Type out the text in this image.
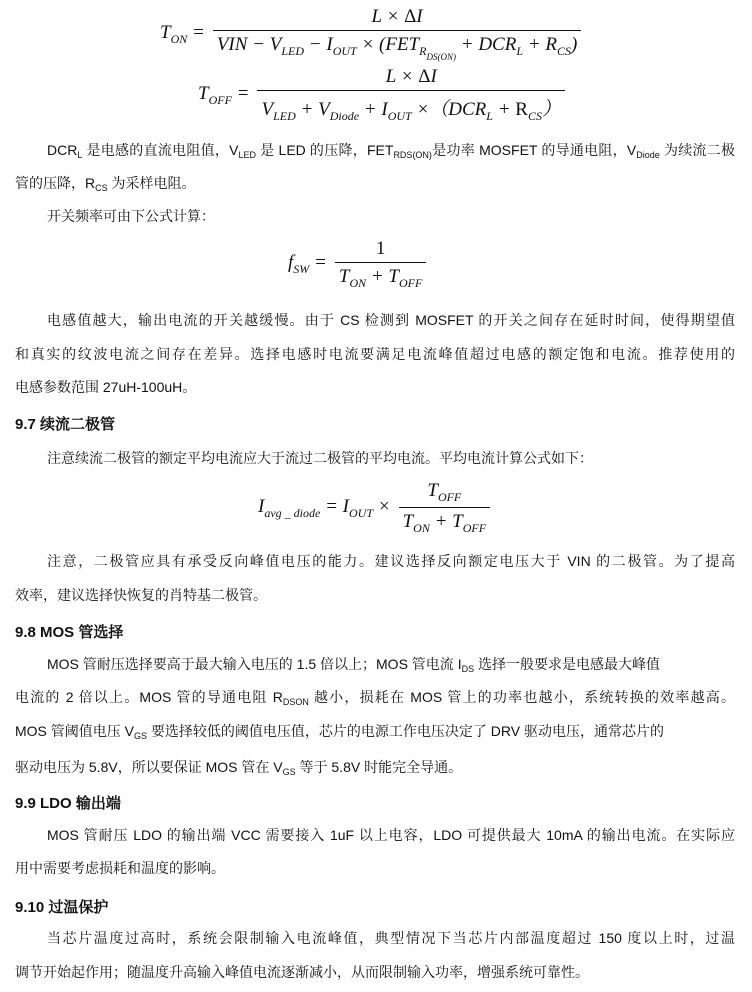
$T_{ON} = \frac{L \times \Delta I}{VIN - V_{LED} - I_{OUT} \times (FET_{R_{DS(ON)}} + DCR_L + R_{CS})}$
$T_{OFF} = \frac{L \times \Delta I}{V_{LED} + V_{Diode} + I_{OUT} \times(DCR_L + R_{CS})}$
$DCR_L$ 是电感的直流电阻值，$V_{LED}$ 是 LED 的压降，$FET_{RDS(ON)}$是功率 MOSFET 的导通电阻，$V_{Diode}$ 为续流二极
管的压降，$R_{CS}$ 为采样电阻。
开关频率可由下公式计算：
$f_{SW} = \frac{1}{T_{ON} + T_{OFF}}$
电感值越大，输出电流的开关越缓慢。由于 CS 检测到 MOSFET 的开关之间存在延时时间，使得期望值
和真实的纹波电流之间存在差异。选择电感时电流要满足电流峰值超过电感的额定饱和电流。推荐使用的
电感参数范围 27uH-100uH。
9.7 续流二极管
注意续流二极管的额定平均电流应大于流过二极管的平均电流。平均电流计算公式如下：
$I_{avg \_ diode} = I_{OUT} \times \frac{T_{OFF}}{T_{ON} + T_{OFF}}$
注意，二极管应具有承受反向峰值电压的能力。建议选择反向额定电压大于 VIN 的二极管。为了提高
效率，建议选择快恢复的肖特基二极管。
9.8 MOS 管选择
MOS 管耐压选择要高于最大输入电压的 1.5 倍以上；MOS 管电流 $I_{DS}$ 选择一般要求是电感最大峰值
电流的 2 倍以上。MOS 管的导通电阻 $R_{DSON}$ 越小，损耗在 MOS 管上的功率也越小，系统转换的效率越高。
MOS 管阈值电压 $V_{GS}$ 要选择较低的阈值电压值，芯片的电源工作电压决定了 DRV 驱动电压，通常芯片的
驱动电压为 5.8V，所以要保证 MOS 管在 $V_{GS}$ 等于 5.8V 时能完全导通。
9.9 LDO 输出端
MOS 管耐压 LDO 的输出端 VCC 需要接入 1uF 以上电容，LDO 可提供最大 10mA 的输出电流。在实际应
用中需要考虑损耗和温度的影响。
9.10 过温保护
当芯片温度过高时，系统会限制输入电流峰值，典型情况下当芯片内部温度超过 150 度以上时，过温
调节开始起作用；随温度升高输入峰值电流逐渐减小，从而限制输入功率，增强系统可靠性。
